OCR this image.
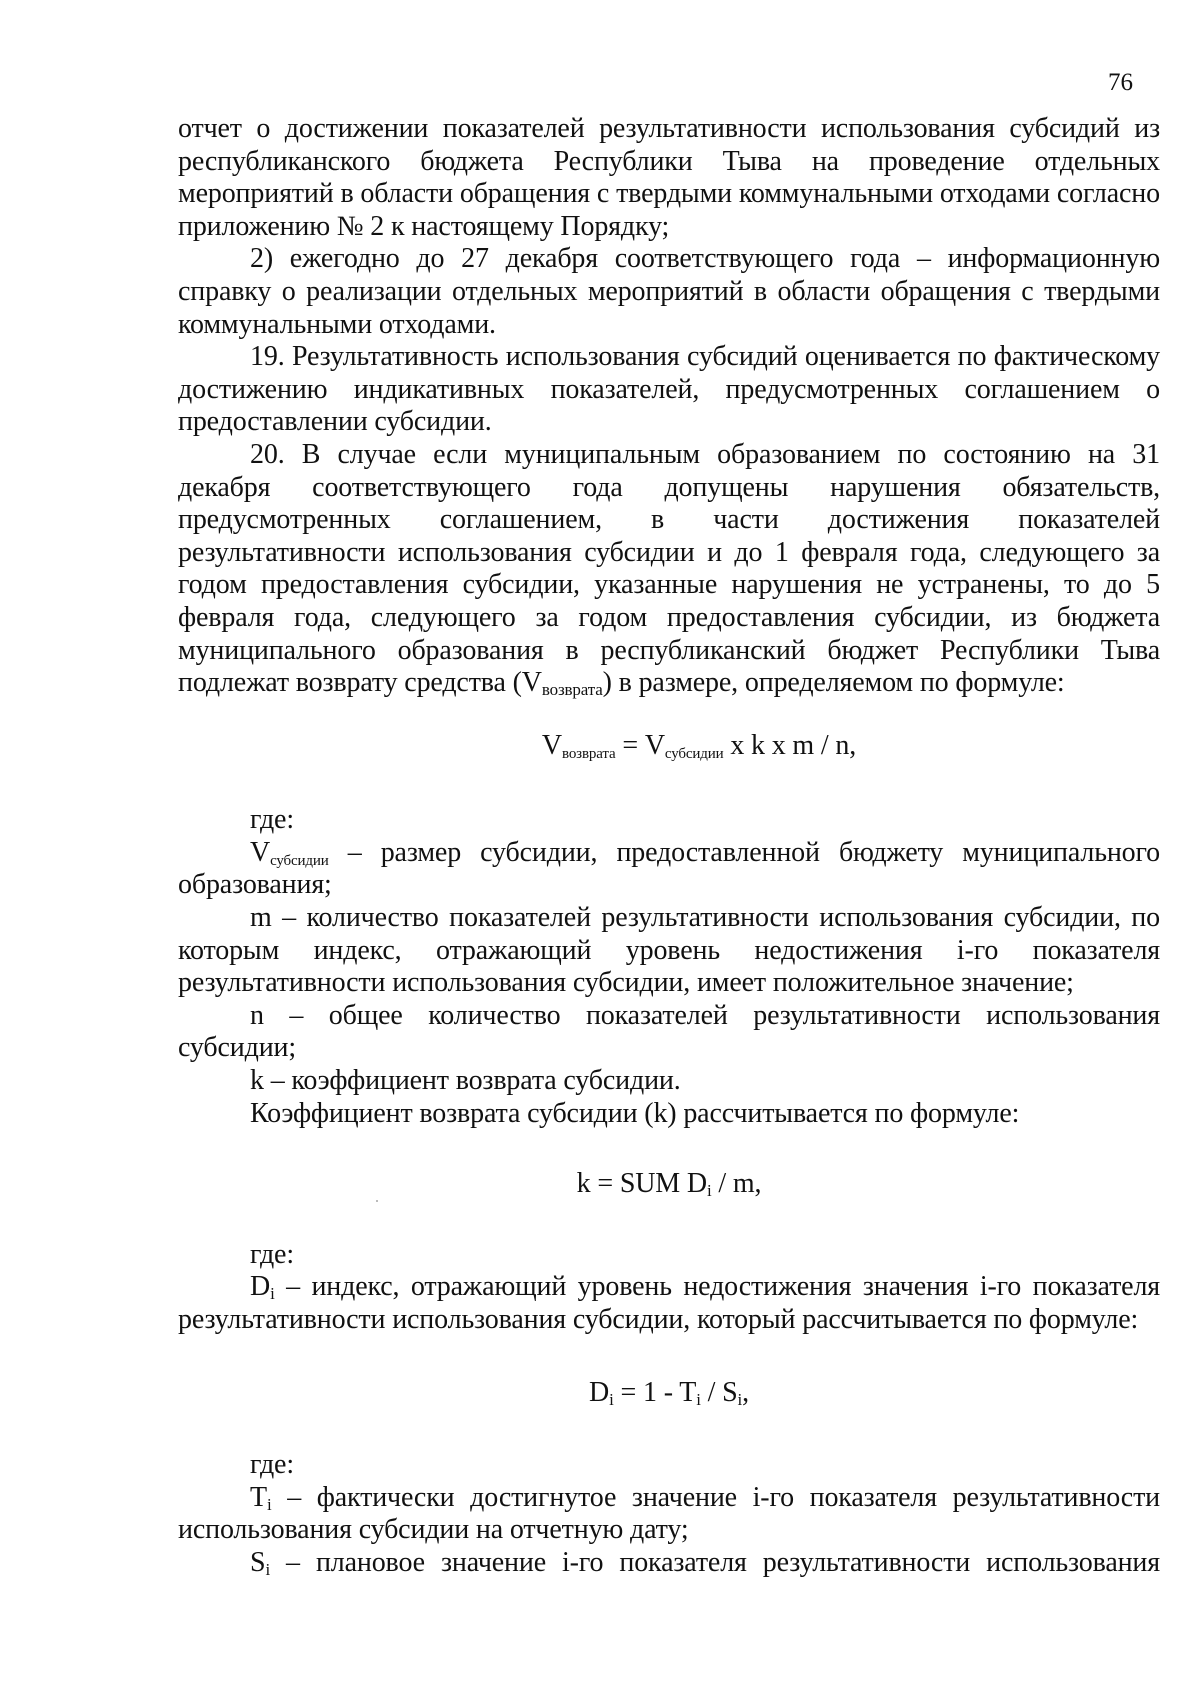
76

отчет о достижении показателей результативности использования субсидий из республиканского бюджета Республики Тыва на проведение отдельных мероприятий в области обращения с твердыми коммунальными отходами согласно приложению № 2 к настоящему Порядку;

2) ежегодно до 27 декабря соответствующего года – информационную справку о реализации отдельных мероприятий в области обращения с твердыми коммунальными отходами.

19. Результативность использования субсидий оценивается по фактическому достижению индикативных показателей, предусмотренных соглашением о предоставлении субсидии.

20. В случае если муниципальным образованием по состоянию на 31 декабря соответствующего года допущены нарушения обязательств, предусмотренных соглашением, в части достижения показателей результативности использования субсидии и до 1 февраля года, следующего за годом предоставления субсидии, указанные нарушения не устранены, то до 5 февраля года, следующего за годом предоставления субсидии, из бюджета муниципального образования в республиканский бюджет Республики Тыва подлежат возврату средства $(V_{возврата})$ в размере, определяемом по формуле:

Vвозврата = Vсубсидии x k x m / n,

где:

Vсубсидии – размер субсидии, предоставленной бюджету муниципального образования;

m – количество показателей результативности использования субсидии, по которым индекс, отражающий уровень недостижения i-го показателя результативности использования субсидии, имеет положительное значение;

n – общее количество показателей результативности использования субсидии;

k – коэффициент возврата субсидии.

Коэффициент возврата субсидии (k) рассчитывается по формуле:

k = SUM $D_i$ / m,

где:

$D_i$ – индекс, отражающий уровень недостижения значения i-го показателя результативности использования субсидии, который рассчитывается по формуле:

$D_i = 1 - T_i / S_i$,

где:

$T_i$ – фактически достигнутое значение i-го показателя результативности использования субсидии на отчетную дату;

$S_i$ – плановое значение i-го показателя результативности использования
